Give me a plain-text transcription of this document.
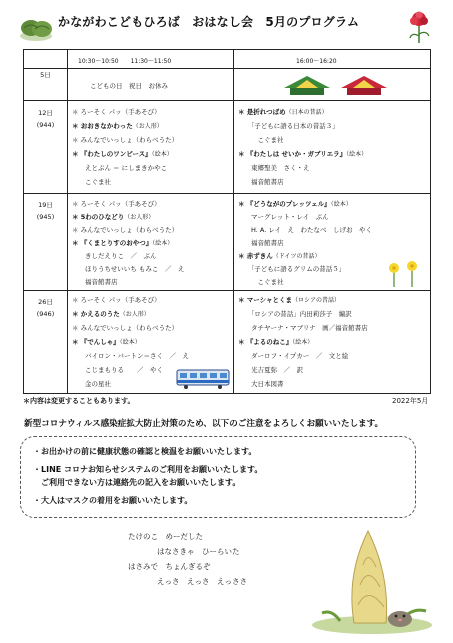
かながわこどもひろば　おはなし会　5月のプログラム
10:30～10:50　　11:30～11:50	16:00～16:20
5日
こどもの日　祝日　お休み
12日
(944)
＊ ろーそく パッ（手あそび）
＊ おおきなかわった（お人形）
＊ みんなでいっしょ（わらべうた）
＊ 『わたしのワンピース』（絵本）
　　えとぶん ＝ にしまきかやこ
　　こぐま社
＊ 是折れつばめ（日本の昔話）
　　「子どもに語る日本の昔話３」
　　　こぐま社
＊ 『わたしは せいか・ガブリエラ』（絵本）
　　東郷聖美　さく・え
　　福音館書店
19日
(945)
＊ ろーそく パッ（手あそび）
＊ 5わのひなどり（お人形）
＊ みんなでいっしょ（わらべうた）
＊ 『くまとりすのおやつ』（絵本）
　　きしだえりこ　／　ぶん
　　ほりうちせいいち もみこ　／　え
　　福音館書店
＊ 『どうながのプレッツェル』（絵本）
　　マーグレット・レイ　ぶん
　　H. A. レイ　え　わたなべ　しげお　やく
　　福音館書店
＊ 赤ずきん（ドイツの昔話）
　　「子どもに語るグリムの昔話５」
　　　こぐま社
26日
(946)
＊ ろーそく パッ（手あそび）
＊ かえるのうた（お人形）
＊ みんなでいっしょ（わらべうた）
＊ 『でんしゃ』（絵本）
　　バイロン・バートン＝さく　／　え
　　こじまもりる　　／　やく
　　金の星社
＊ マーシャとくま（ロシアの昔話）
　　「ロシアの昔話」内田莉莎子　編訳
　　タチヤーナ・マブリナ　画／福音館書店
＊ 『よるのねこ』（絵本）
　　ダーロフ・イプカー　／　文と絵
　　光吉夏弥　／　訳
　　大日本図書
＊内容は変更することもあります。	2022年5月
新型コロナウィルス感染症拡大防止対策のため、以下のご注意をよろしくお願いいたします。
・お出かけの前に健康状態の確認と検温をお願いいたします。
・LINE コロナお知らせシステムのご利用をお願いいたします。
　ご利用できない方は連絡先の記入をお願いいたします。
・大人はマスクの着用をお願いいたします。
たけのこ　めーだした
はなさきゃ　ひーらいた
はさみで　ちょんぎるぞ
えっさ　えっさ　えっささ
